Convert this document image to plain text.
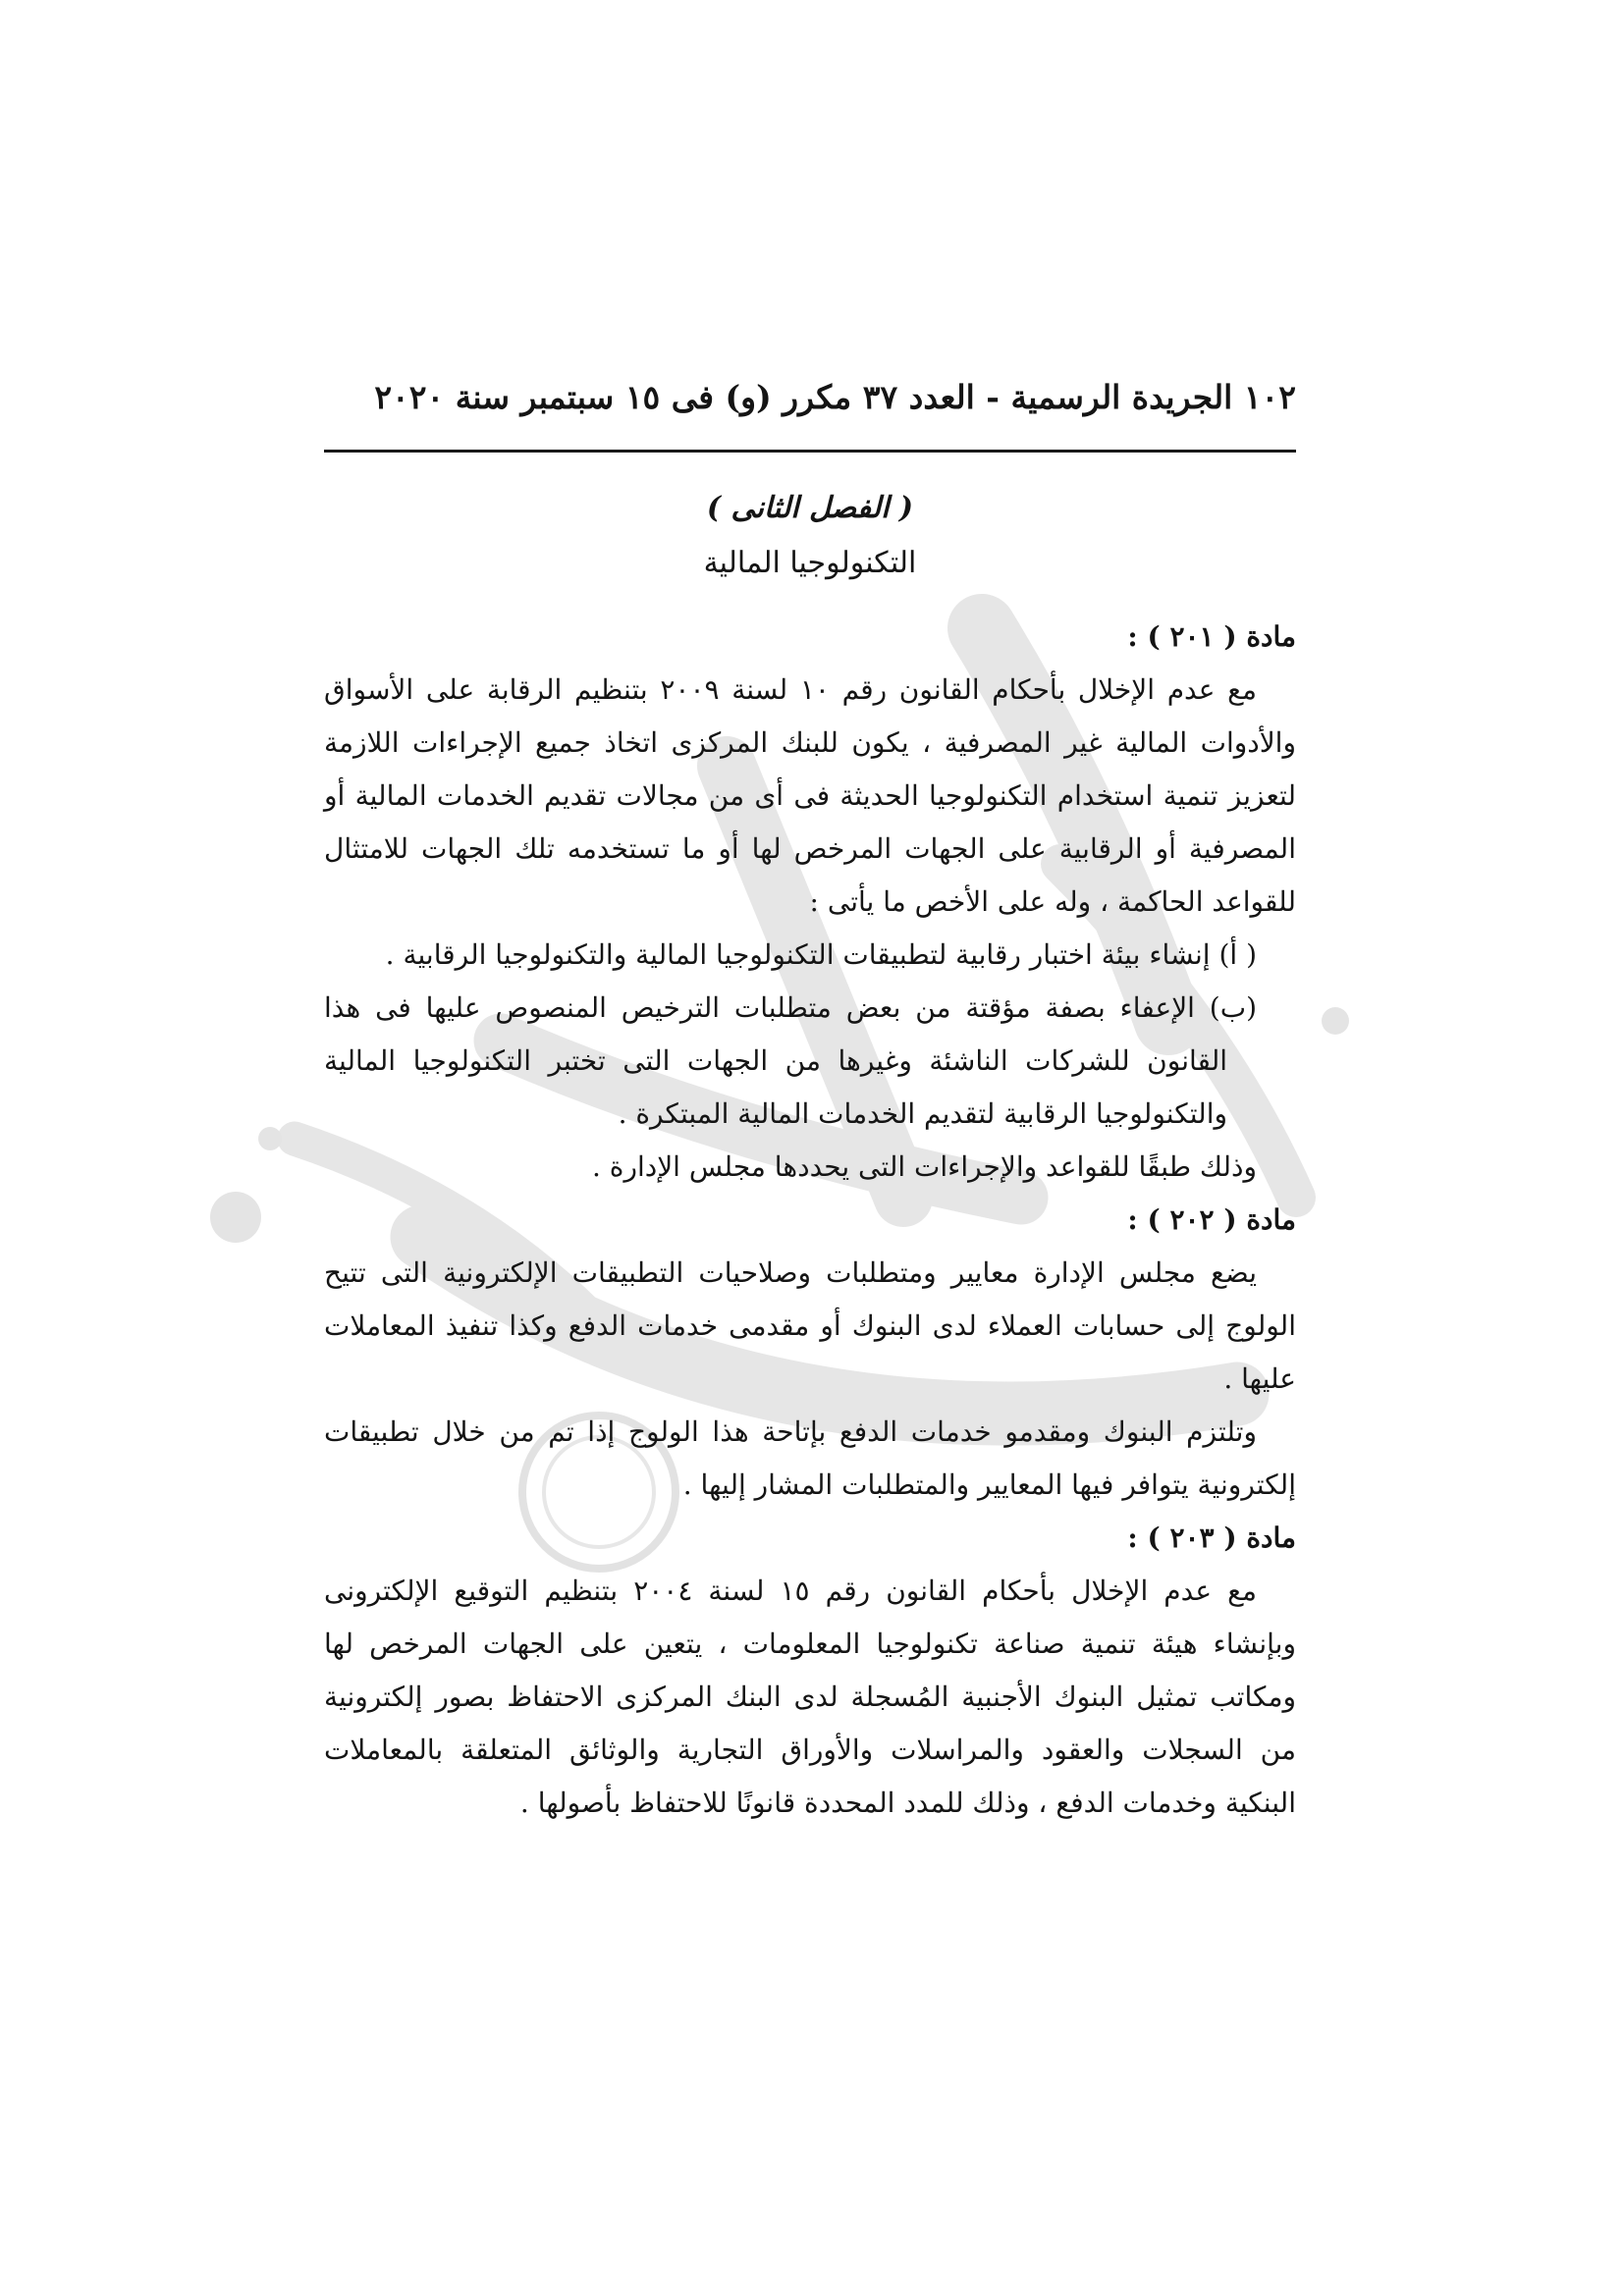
١٠٢ الجريدة الرسمية - العدد ٣٧ مكرر (و) فى ١٥ سبتمبر سنة ٢٠٢٠
( الفصل الثانى )
التكنولوجيا المالية

مادة ( ٢٠١ ) :

مع عدم الإخلال بأحكام القانون رقم ١٠ لسنة ٢٠٠٩ بتنظيم الرقابة على الأسواق والأدوات المالية غير المصرفية ، يكون للبنك المركزى اتخاذ جميع الإجراءات اللازمة لتعزيز تنمية استخدام التكنولوجيا الحديثة فى أى من مجالات تقديم الخدمات المالية أو المصرفية أو الرقابية على الجهات المرخص لها أو ما تستخدمه تلك الجهات للامتثال للقواعد الحاكمة ، وله على الأخص ما يأتى :

( أ) إنشاء بيئة اختبار رقابية لتطبيقات التكنولوجيا المالية والتكنولوجيا الرقابية .

(ب) الإعفاء بصفة مؤقتة من بعض متطلبات الترخيص المنصوص عليها فى هذا القانون للشركات الناشئة وغيرها من الجهات التى تختبر التكنولوجيا المالية والتكنولوجيا الرقابية لتقديم الخدمات المالية المبتكرة .

وذلك طبقًا للقواعد والإجراءات التى يحددها مجلس الإدارة .

مادة ( ٢٠٢ ) :

يضع مجلس الإدارة معايير ومتطلبات وصلاحيات التطبيقات الإلكترونية التى تتيح الولوج إلى حسابات العملاء لدى البنوك أو مقدمى خدمات الدفع وكذا تنفيذ المعاملات عليها .

وتلتزم البنوك ومقدمو خدمات الدفع بإتاحة هذا الولوج إذا تم من خلال تطبيقات إلكترونية يتوافر فيها المعايير والمتطلبات المشار إليها .

مادة ( ٢٠٣ ) :

مع عدم الإخلال بأحكام القانون رقم ١٥ لسنة ٢٠٠٤ بتنظيم التوقيع الإلكترونى وبإنشاء هيئة تنمية صناعة تكنولوجيا المعلومات ، يتعين على الجهات المرخص لها ومكاتب تمثيل البنوك الأجنبية المُسجلة لدى البنك المركزى الاحتفاظ بصور إلكترونية من السجلات والعقود والمراسلات والأوراق التجارية والوثائق المتعلقة بالمعاملات البنكية وخدمات الدفع ، وذلك للمدد المحددة قانونًا للاحتفاظ بأصولها .
